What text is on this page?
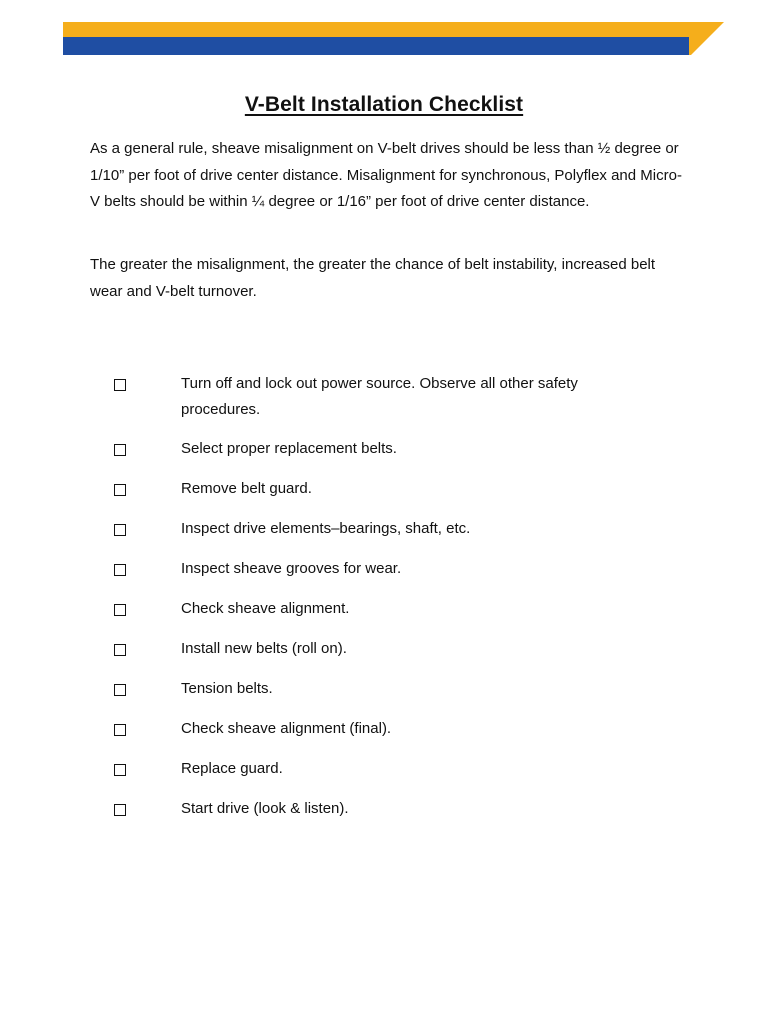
V-Belt Installation Checklist
As a general rule, sheave misalignment on V-belt drives should be less than ½ degree or 1/10” per foot of drive center distance. Misalignment for synchronous, Polyflex and Micro-V belts should be within ¼ degree or 1/16” per foot of drive center distance.
The greater the misalignment, the greater the chance of belt instability, increased belt wear and V-belt turnover.
Turn off and lock out power source. Observe all other safety procedures.
Select proper replacement belts.
Remove belt guard.
Inspect drive elements–bearings, shaft, etc.
Inspect sheave grooves for wear.
Check sheave alignment.
Install new belts (roll on).
Tension belts.
Check sheave alignment (final).
Replace guard.
Start drive (look & listen).
